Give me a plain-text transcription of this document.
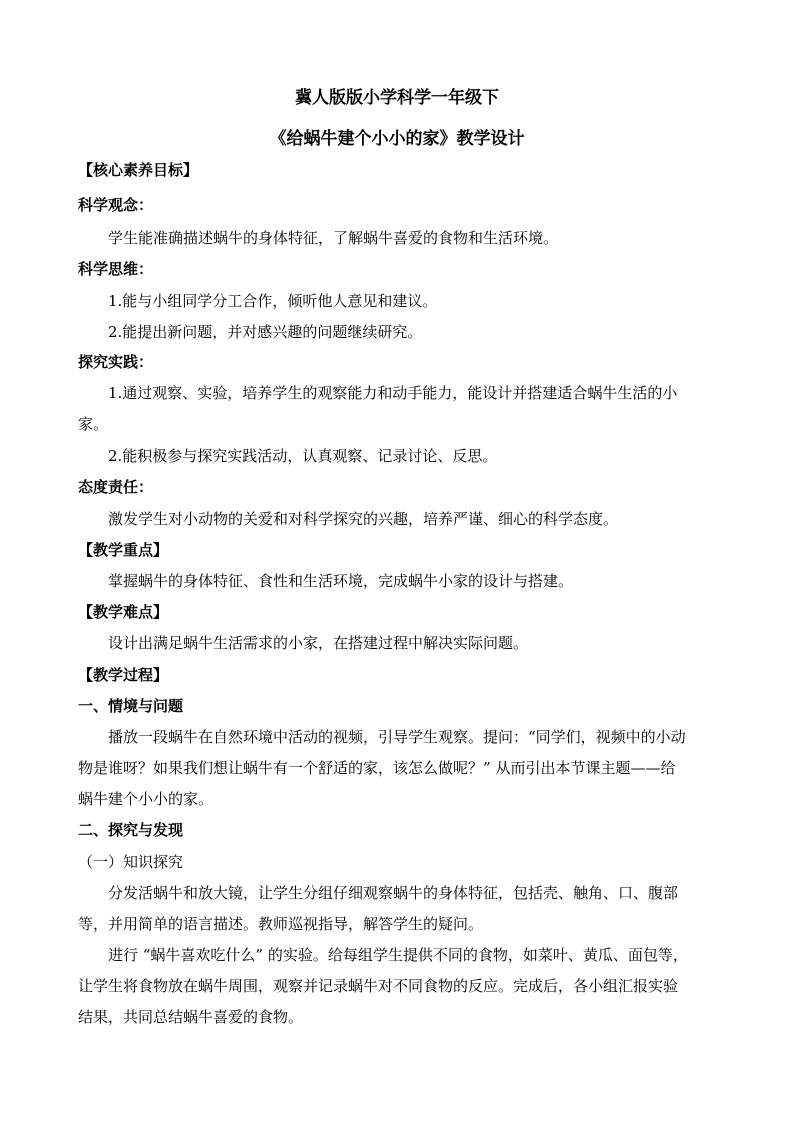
冀人版版小学科学一年级下
《给蜗牛建个小小的家》教学设计
【核心素养目标】
科学观念：
学生能准确描述蜗牛的身体特征，了解蜗牛喜爱的食物和生活环境。
科学思维：
1.能与小组同学分工合作，倾听他人意见和建议。
2.能提出新问题，并对感兴趣的问题继续研究。
探究实践：
1.通过观察、实验，培养学生的观察能力和动手能力，能设计并搭建适合蜗牛生活的小
家。
2.能积极参与探究实践活动，认真观察、记录讨论、反思。
态度责任：
激发学生对小动物的关爱和对科学探究的兴趣，培养严谨、细心的科学态度。
【教学重点】
掌握蜗牛的身体特征、食性和生活环境，完成蜗牛小家的设计与搭建。
【教学难点】
设计出满足蜗牛生活需求的小家，在搭建过程中解决实际问题。
【教学过程】
一、情境与问题
播放一段蜗牛在自然环境中活动的视频，引导学生观察。提问：“同学们，视频中的小动
物是谁呀？如果我们想让蜗牛有一个舒适的家，该怎么做呢？” 从而引出本节课主题——给
蜗牛建个小小的家。
二、探究与发现
（一）知识探究
分发活蜗牛和放大镜，让学生分组仔细观察蜗牛的身体特征，包括壳、触角、口、腹部
等，并用简单的语言描述。教师巡视指导，解答学生的疑问。
进行 “蜗牛喜欢吃什么” 的实验。给每组学生提供不同的食物，如菜叶、黄瓜、面包等，
让学生将食物放在蜗牛周围，观察并记录蜗牛对不同食物的反应。完成后，各小组汇报实验
结果，共同总结蜗牛喜爱的食物。
